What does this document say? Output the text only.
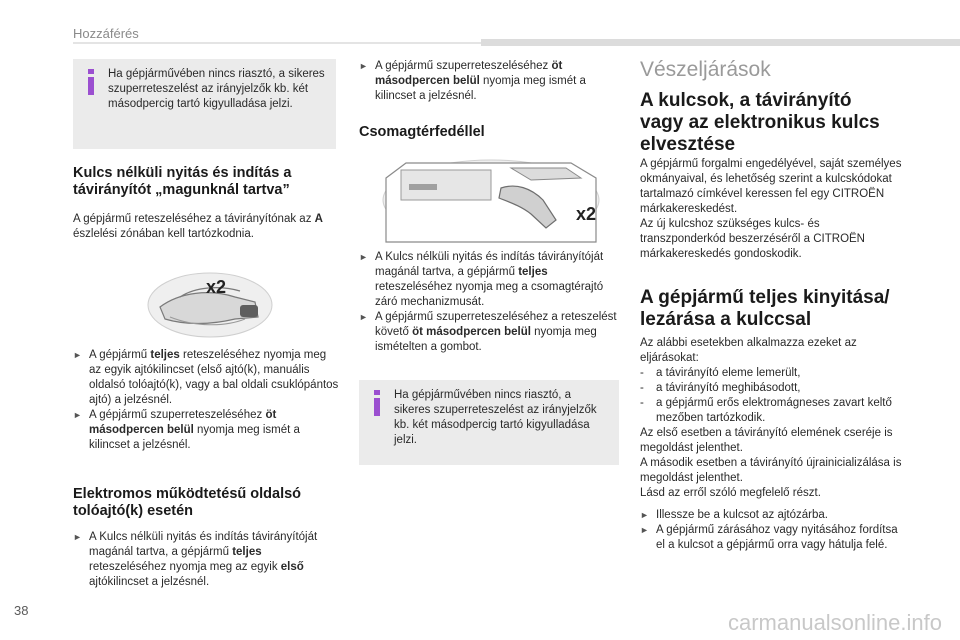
Hozzáférés
Ha gépjárművében nincs riasztó, a sikeres szuperreteszelést az irányjelzők kb. két másodpercig tartó kigyulladása jelzi.
Kulcs nélküli nyitás és indítás a távirányítót „magunknál tartva”
A gépjármű reteszeléséhez a távirányítónak az A észlelési zónában kell tartózkodnia.
x2
► A gépjármű teljes reteszeléséhez nyomja meg az egyik ajtókilincset (első ajtó(k), manuális oldalsó tolóajtó(k), vagy a bal oldali csuklópántos ajtó) a jelzésnél.
► A gépjármű szuperreteszeléséhez öt másodpercen belül nyomja meg ismét a kilincset a jelzésnél.
Elektromos működtetésű oldalsó tolóajtó(k) esetén
► A Kulcs nélküli nyitás és indítás távirányítóját magánál tartva, a gépjármű teljes reteszeléséhez nyomja meg az egyik első ajtókilincset a jelzésnél.
► A gépjármű szuperreteszeléséhez öt másodpercen belül nyomja meg ismét a kilincset a jelzésnél.
Csomagtérfedéllel
x2
► A Kulcs nélküli nyitás és indítás távirányítóját magánál tartva, a gépjármű teljes reteszeléséhez nyomja meg a csomagtérajtó záró mechanizmusát.
► A gépjármű szuperreteszeléséhez a reteszelést követő öt másodpercen belül nyomja meg ismételten a gombot.
Ha gépjárművében nincs riasztó, a sikeres szuperreteszelést az irányjelzők kb. két másodpercig tartó kigyulladása jelzi.
Vészeljárások
A kulcsok, a távirányító vagy az elektronikus kulcs elvesztése
A gépjármű forgalmi engedélyével, saját személyes okmányaival, és lehetőség szerint a kulcskódokat tartalmazó címkével keressen fel egy CITROËN márkakereskedést.
Az új kulcshoz szükséges kulcs- és transzponderkód beszerzéséről a CITROËN márkakereskedés gondoskodik.
A gépjármű teljes kinyitása/ lezárása a kulccsal
Az alábbi esetekben alkalmazza ezeket az eljárásokat:
- a távirányító eleme lemerült,
- a távirányító meghibásodott,
- a gépjármű erős elektromágneses zavart keltő mezőben tartózkodik.
Az első esetben a távirányító elemének cseréje is megoldást jelenthet.
A második esetben a távirányító újrainicializálása is megoldást jelenthet.
Lásd az erről szóló megfelelő részt.
► Illessze be a kulcsot az ajtózárba.
► A gépjármű zárásához vagy nyitásához fordítsa el a kulcsot a gépjármű orra vagy hátulja felé.
38	carmanualsonline.info
